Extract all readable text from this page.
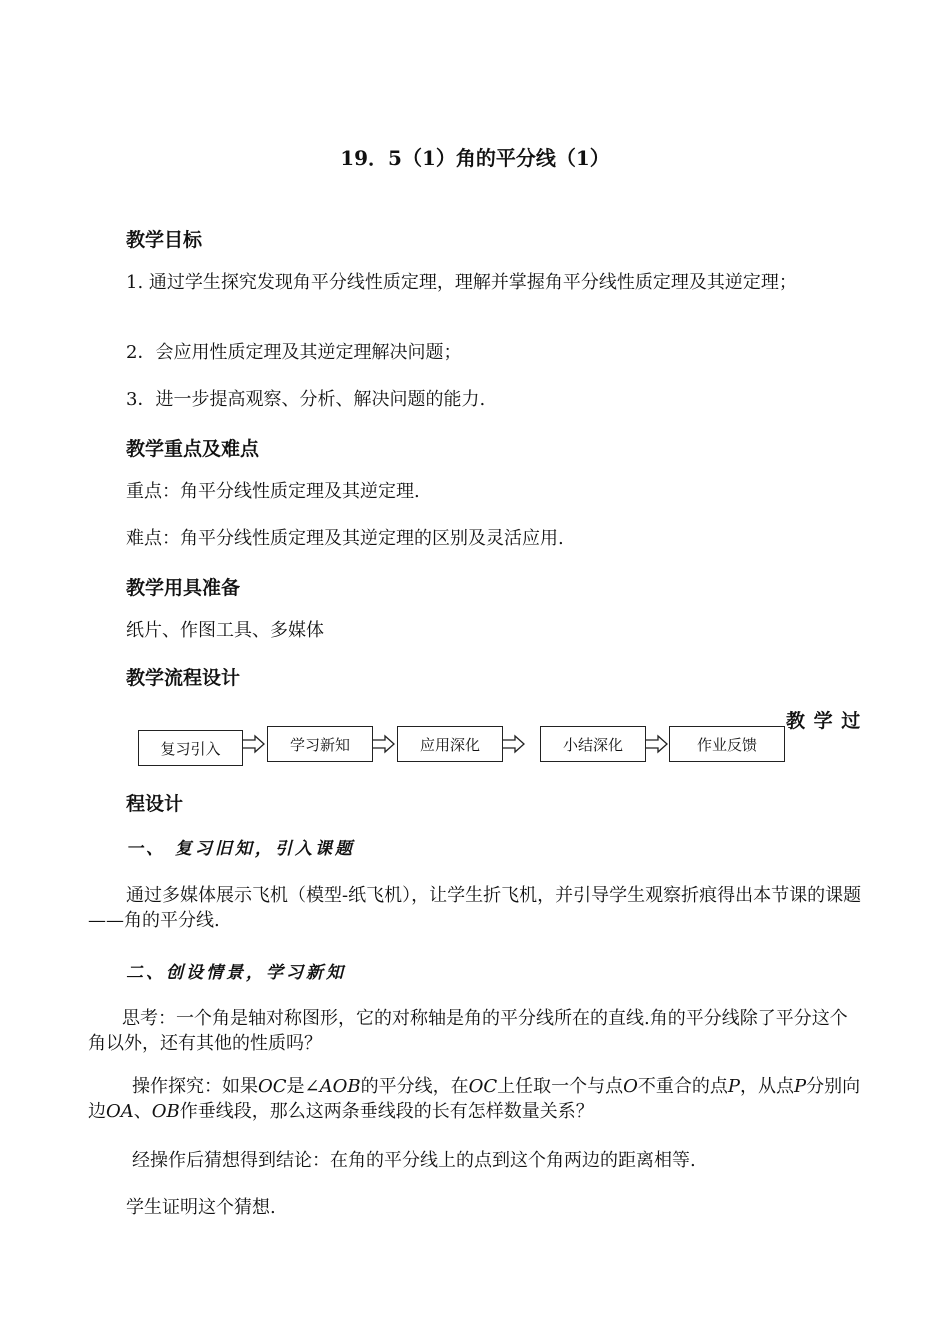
19．5（1）角的平分线（1）
教学目标
1. 通过学生探究发现角平分线性质定理，理解并掌握角平分线性质定理及其逆定理；
2．会应用性质定理及其逆定理解决问题；
3．进一步提高观察、分析、解决问题的能力.
教学重点及难点
重点：角平分线性质定理及其逆定理.
难点：角平分线性质定理及其逆定理的区别及灵活应用.
教学用具准备
纸片、作图工具、多媒体
教学流程设计
复习引入	学习新知	应用深化	小结深化	作业反馈
教 学 过
程设计
一、 复习旧知，引入课题
通过多媒体展示飞机（模型-纸飞机），让学生折飞机，并引导学生观察折痕得出本节课的课题——角的平分线.
二、创设情景，学习新知
思考：一个角是轴对称图形，它的对称轴是角的平分线所在的直线.角的平分线除了平分这个角以外，还有其他的性质吗？
操作探究：如果OC是∠AOB的平分线，在OC上任取一个与点O不重合的点P，从点P分别向边OA、OB作垂线段，那么这两条垂线段的长有怎样数量关系？
经操作后猜想得到结论：在角的平分线上的点到这个角两边的距离相等.
学生证明这个猜想.
